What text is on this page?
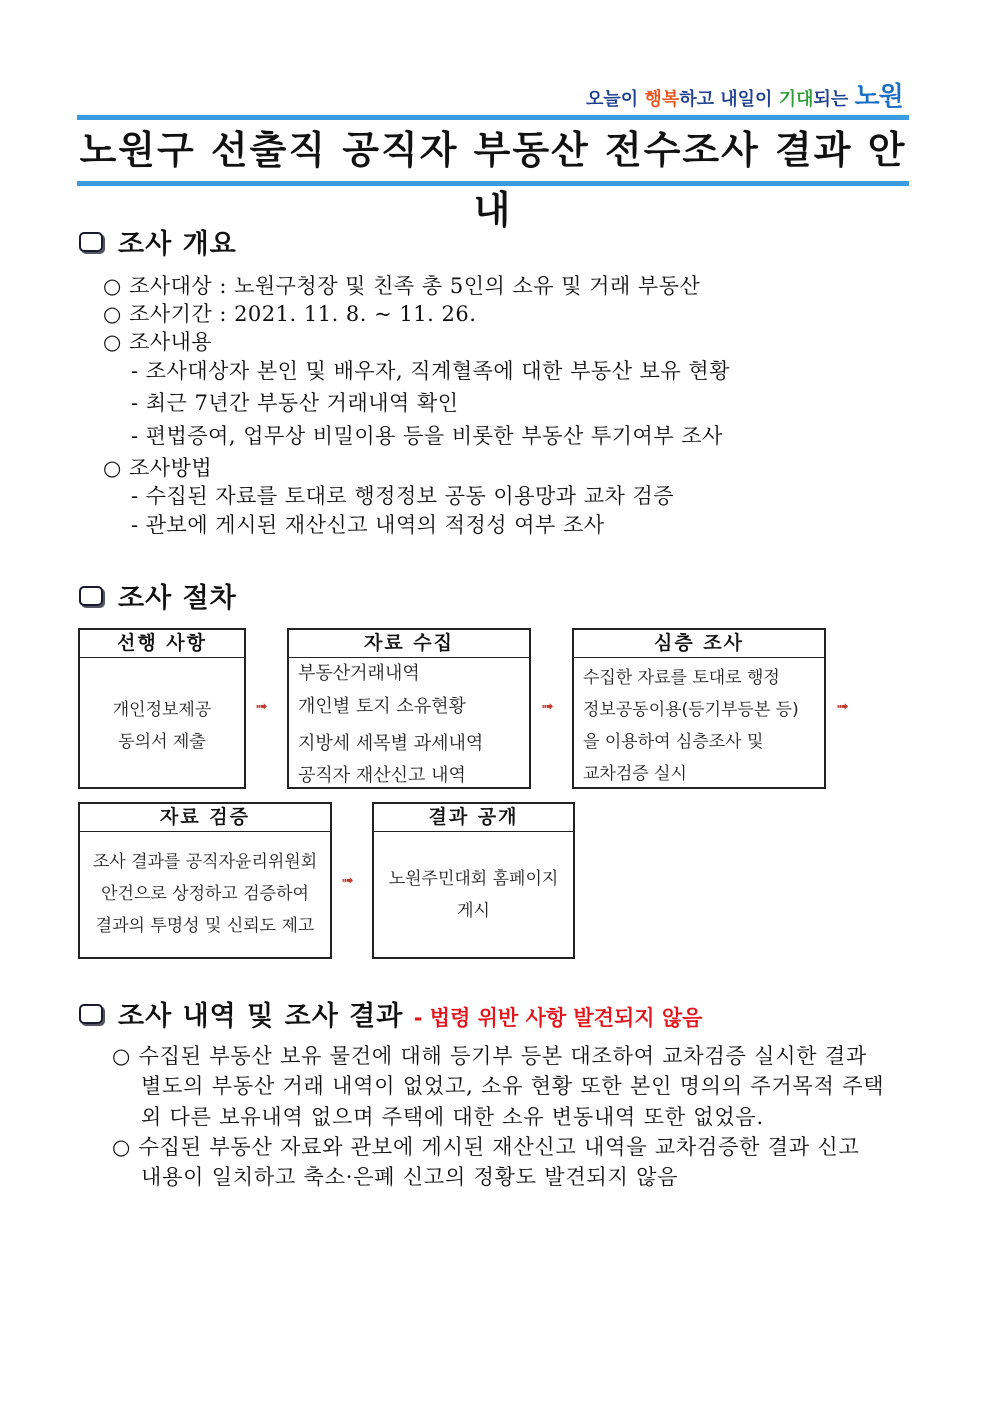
오늘이 행복하고 내일이 기대되는 노원
노원구 선출직 공직자 부동산 전수조사 결과 안내
조사 개요
○ 조사대상 : 노원구청장 및 친족 총 5인의 소유 및 거래 부동산
○ 조사기간 : 2021. 11. 8. ~ 11. 26.
○ 조사내용
- 조사대상자 본인 및 배우자, 직계혈족에 대한 부동산 보유 현황
- 최근 7년간 부동산 거래내역 확인
- 편법증여, 업무상 비밀이용 등을 비롯한 부동산 투기여부 조사
○ 조사방법
- 수집된 자료를 토대로 행정정보 공동 이용망과 교차 검증
- 관보에 게시된 재산신고 내역의 적정성 여부 조사
조사 절차
선행 사항
개인정보제공
동의서 제출
➟
자료 수집
부동산거래내역
개인별 토지 소유현황
지방세 세목별 과세내역
공직자 재산신고 내역
➟
심층 조사
수집한 자료를 토대로 행정
정보공동이용(등기부등본 등)
을 이용하여 심층조사 및
교차검증 실시
➟
자료 검증
조사 결과를 공직자윤리위원회
안건으로 상정하고 검증하여
결과의 투명성 및 신뢰도 제고
➟
결과 공개
노원주민대회 홈페이지
게시
조사 내역 및 조사 결과 - 법령 위반 사항 발견되지 않음
○ 수집된 부동산 보유 물건에 대해 등기부 등본 대조하여 교차검증 실시한 결과
별도의 부동산 거래 내역이 없었고, 소유 현황 또한 본인 명의의 주거목적 주택
외 다른 보유내역 없으며 주택에 대한 소유 변동내역 또한 없었음.
○ 수집된 부동산 자료와 관보에 게시된 재산신고 내역을 교차검증한 결과 신고
내용이 일치하고 축소·은폐 신고의 정황도 발견되지 않음
